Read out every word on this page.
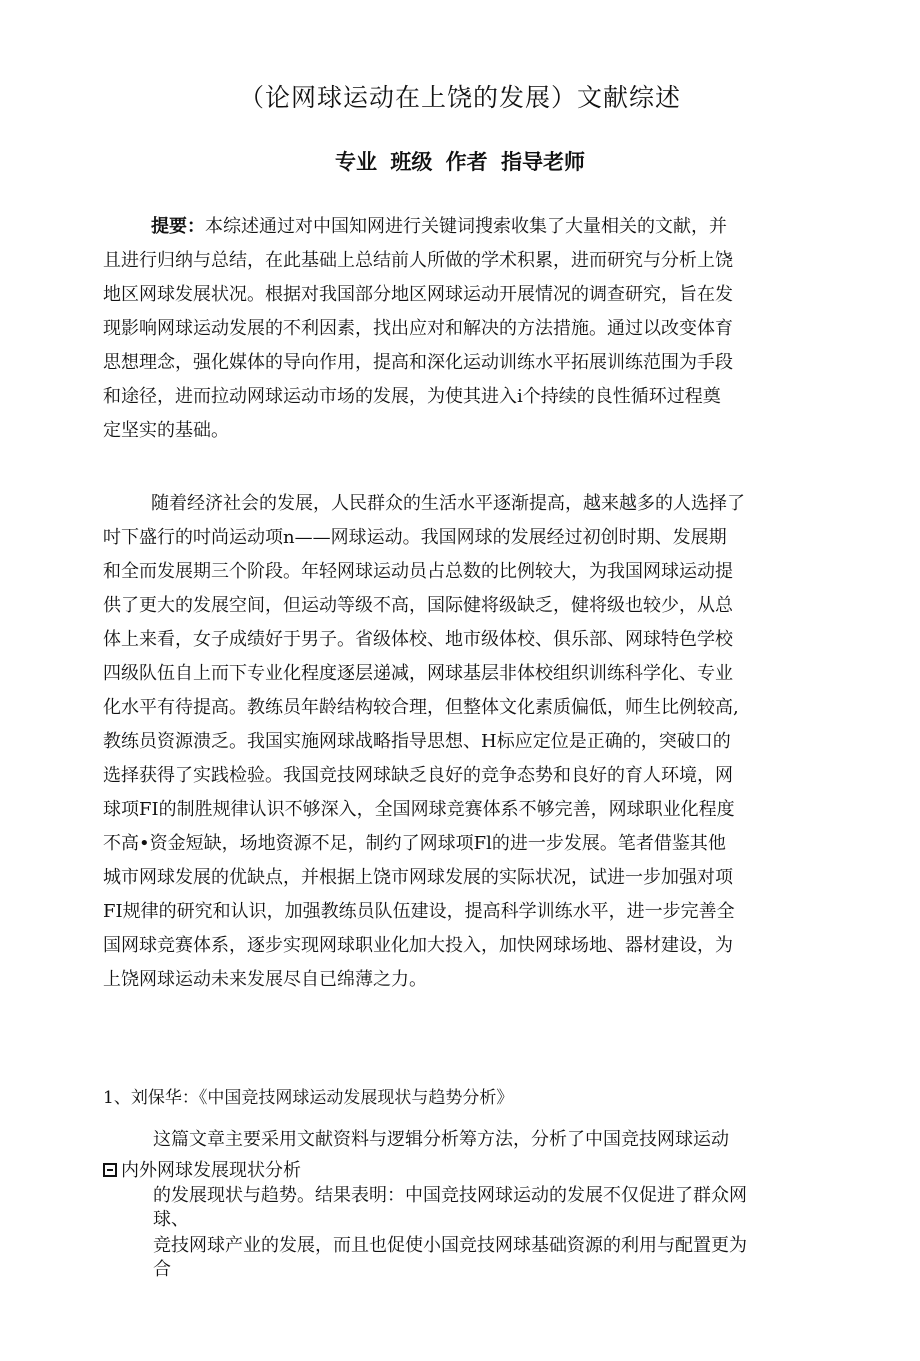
（论网球运动在上饶的发展）文献综述
专业 班级 作者 指导老师
提要：本综述通过对中国知网进行关键词搜索收集了大量相关的文献，并
且进行归纳与总结，在此基础上总结前人所做的学术积累，进而研究与分析上饶
地区网球发展状况。根据对我国部分地区网球运动开展情况的调查研究，旨在发
现影响网球运动发展的不利因素，找出应对和解决的方法措施。通过以改变体育
思想理念，强化媒体的导向作用，提高和深化运动训练水平拓展训练范围为手段
和途径，进而拉动网球运动市场的发展，为使其进入i个持续的良性循环过程奠
定坚实的基础。
随着经济社会的发展，人民群众的生活水平逐渐提高，越来越多的人选择了
吋下盛行的吋尚运动项n——网球运动。我国网球的发展经过初创时期、发展期
和全而发展期三个阶段。年轻网球运动员占总数的比例较大，为我国网球运动提
供了更大的发展空间，但运动等级不高，国际健将级缺乏，健将级也较少，从总
体上来看，女子成绩好于男子。省级体校、地市级体校、俱乐部、网球特色学校
四级队伍自上而下专业化程度逐层递减，网球基层非体校组织训练科学化、专业
化水平有待提高。教练员年龄结构较合理，但整体文化素质偏低，师生比例较高,
教练员资源溃乏。我国实施网球战略指导思想、H标应定位是正确的，突破口的
选择获得了实践检验。我国竞技网球缺乏良好的竞争态势和良好的育人环境，网
球项FI的制胜规律认识不够深入，全国网球竞赛体系不够完善，网球职业化程度
不高•资金短缺，场地资源不足，制约了网球项Fl的进一步发展。笔者借鉴其他
城市网球发展的优缺点，并根据上饶市网球发展的实际状况，试进一步加强对项
FI规律的研究和认识，加强教练员队伍建设，提高科学训练水平，进一步完善全
国网球竞赛体系，逐步实现网球职业化加大投入，加快网球场地、器材建设，为
上饶网球运动未来发展尽自已绵薄之力。
1、刘保华：《中国竞技网球运动发展现状与趋势分析》
这篇文章主要采用文献资料与逻辑分析筹方法，分析了中国竞技网球运动
内外网球发展现状分析
的发展现状与趋势。结果表明：中国竞技网球运动的发展不仅促进了群众网
球、
竞技网球产业的发展，而且也促使小国竞技网球基础资源的利用与配置更为
合
